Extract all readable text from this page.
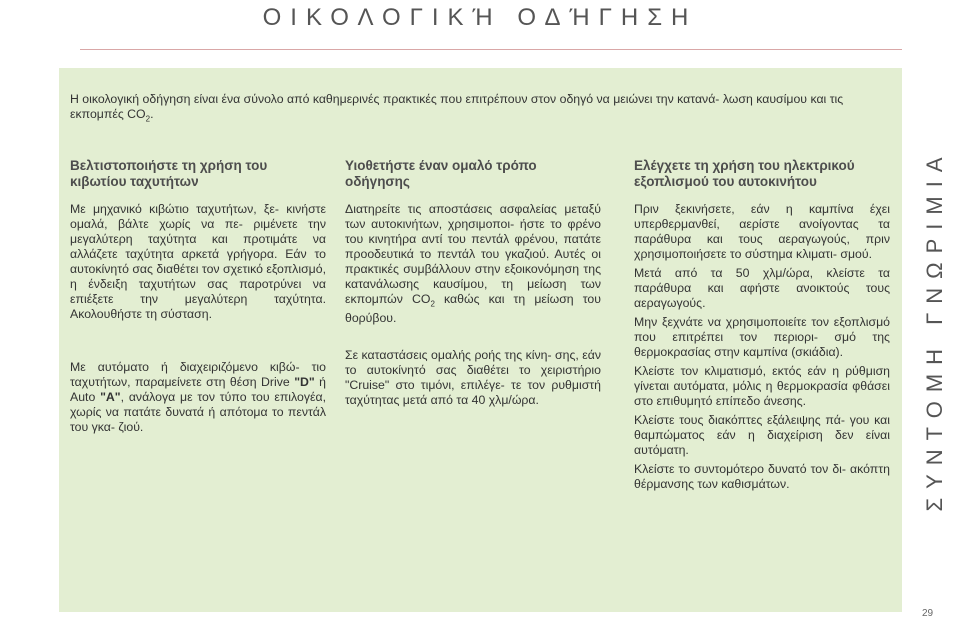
ΟΙΚΟΛΟΓΙΚΉ ΟΔΉΓΗΣΗ
Η οικολογική οδήγηση είναι ένα σύνολο από καθημερινές πρακτικές που επιτρέπουν στον οδηγό να μειώνει την κατανά- λωση καυσίμου και τις εκπομπές $CO_2$.
Βελτιστοποιήστε τη χρήση του κιβωτίου ταχυτήτων

Με μηχανικό κιβώτιο ταχυτήτων, ξε- κινήστε ομαλά, βάλτε χωρίς να πε- ριμένετε την μεγαλύτερη ταχύτητα και προτιμάτε να αλλάζετε ταχύτητα αρκετά γρήγορα. Εάν το αυτοκίνητό σας διαθέτει τον σχετικό εξοπλισμό, η ένδειξη ταχυτήτων σας παροτρύνει να επιέξετε την μεγαλύτερη ταχύτητα. Ακολουθήστε τη σύσταση.

Με αυτόματο ή διαχειριζόμενο κιβώ- τιο ταχυτήτων, παραμείνετε στη θέση Drive "D" ή Auto "A", ανάλογα με τον τύπο του επιλογέα, χωρίς να πατάτε δυνατά ή απότομα το πεντάλ του γκα- ζιού.

Υιοθετήστε έναν ομαλό τρόπο οδήγησης

Διατηρείτε τις αποστάσεις ασφαλείας μεταξύ των αυτοκινήτων, χρησιμοποι- ήστε το φρένο του κινητήρα αντί του πεντάλ φρένου, πατάτε προοδευτικά το πεντάλ του γκαζιού. Αυτές οι πρακτικές συμβάλλουν στην εξοικονόμηση της κατανάλωσης καυσίμου, τη μείωση των εκπομπών $CO_2$ καθώς και τη μείωση του θορύβου.

Σε καταστάσεις ομαλής ροής της κίνη- σης, εάν το αυτοκίνητό σας διαθέτει το χειριστήριο "Cruise" στο τιμόνι, επιλέγε- τε τον ρυθμιστή ταχύτητας μετά από τα 40 χλμ/ώρα.

Ελέγχετε τη χρήση του ηλεκτρικού εξοπλισμού του αυτοκινήτου

Πριν ξεκινήσετε, εάν η καμπίνα έχει υπερθερμανθεί, αερίστε ανοίγοντας τα παράθυρα και τους αεραγωγούς, πριν χρησιμοποιήσετε το σύστημα κλιματι- σμού.

Μετά από τα 50 χλμ/ώρα, κλείστε τα παράθυρα και αφήστε ανοικτούς τους αεραγωγούς.

Μην ξεχνάτε να χρησιμοποιείτε τον εξοπλισμό που επιτρέπει τον περιορι- σμό της θερμοκρασίας στην καμπίνα (σκιάδια).

Κλείστε τον κλιματισμό, εκτός εάν η ρύθμιση γίνεται αυτόματα, μόλις η θερμοκρασία φθάσει στο επιθυμητό επίπεδο άνεσης.

Κλείστε τους διακόπτες εξάλειψης πά- γου και θαμπώματος εάν η διαχείριση δεν είναι αυτόματη.

Κλείστε το συντομότερο δυνατό τον δι- ακόπτη θέρμανσης των καθισμάτων.	ΣΥΝΤΟΜΗ ΓΝΩΡΙΜΙΑ
29
